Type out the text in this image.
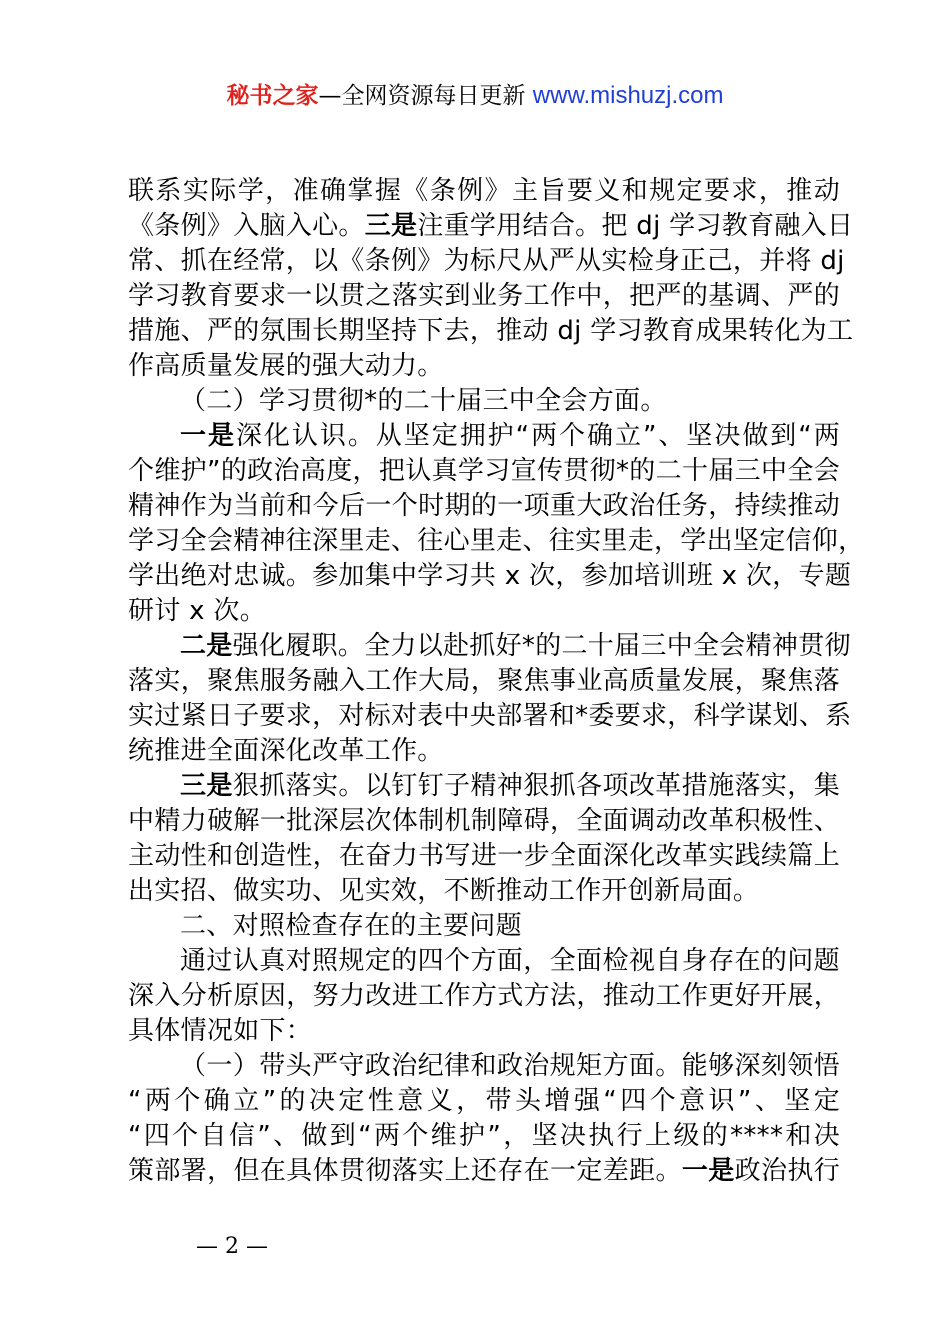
秘书之家—全网资源每日更新 www.mishuzj.com
联系实际学，准确掌握《条例》主旨要义和规定要求，推动
《条例》入脑入心。三是注重学用结合。把 dj 学习教育融入日
常、抓在经常，以《条例》为标尺从严从实检身正己，并将 dj
学习教育要求一以贯之落实到业务工作中，把严的基调、严的
措施、严的氛围长期坚持下去，推动 dj 学习教育成果转化为工
作高质量发展的强大动力。
（二）学习贯彻*的二十届三中全会方面。
一是深化认识。从坚定拥护“两个确立”、坚决做到“两
个维护”的政治高度，把认真学习宣传贯彻*的二十届三中全会
精神作为当前和今后一个时期的一项重大政治任务，持续推动
学习全会精神往深里走、往心里走、往实里走，学出坚定信仰，
学出绝对忠诚。参加集中学习共 x 次，参加培训班 x 次，专题
研讨 x 次。
二是强化履职。全力以赴抓好*的二十届三中全会精神贯彻
落实，聚焦服务融入工作大局，聚焦事业高质量发展，聚焦落
实过紧日子要求，对标对表中央部署和*委要求，科学谋划、系
统推进全面深化改革工作。
三是狠抓落实。以钉钉子精神狠抓各项改革措施落实，集
中精力破解一批深层次体制机制障碍，全面调动改革积极性、
主动性和创造性，在奋力书写进一步全面深化改革实践续篇上
出实招、做实功、见实效，不断推动工作开创新局面。
二、对照检查存在的主要问题
通过认真对照规定的四个方面，全面检视自身存在的问题
深入分析原因，努力改进工作方式方法，推动工作更好开展，
具体情况如下：
（一）带头严守政治纪律和政治规矩方面。能够深刻领悟
“两个确立”的决定性意义，带头增强“四个意识”、坚定
“四个自信”、做到“两个维护”，坚决执行上级的****和决
策部署，但在具体贯彻落实上还存在一定差距。一是政治执行
— 2 —
